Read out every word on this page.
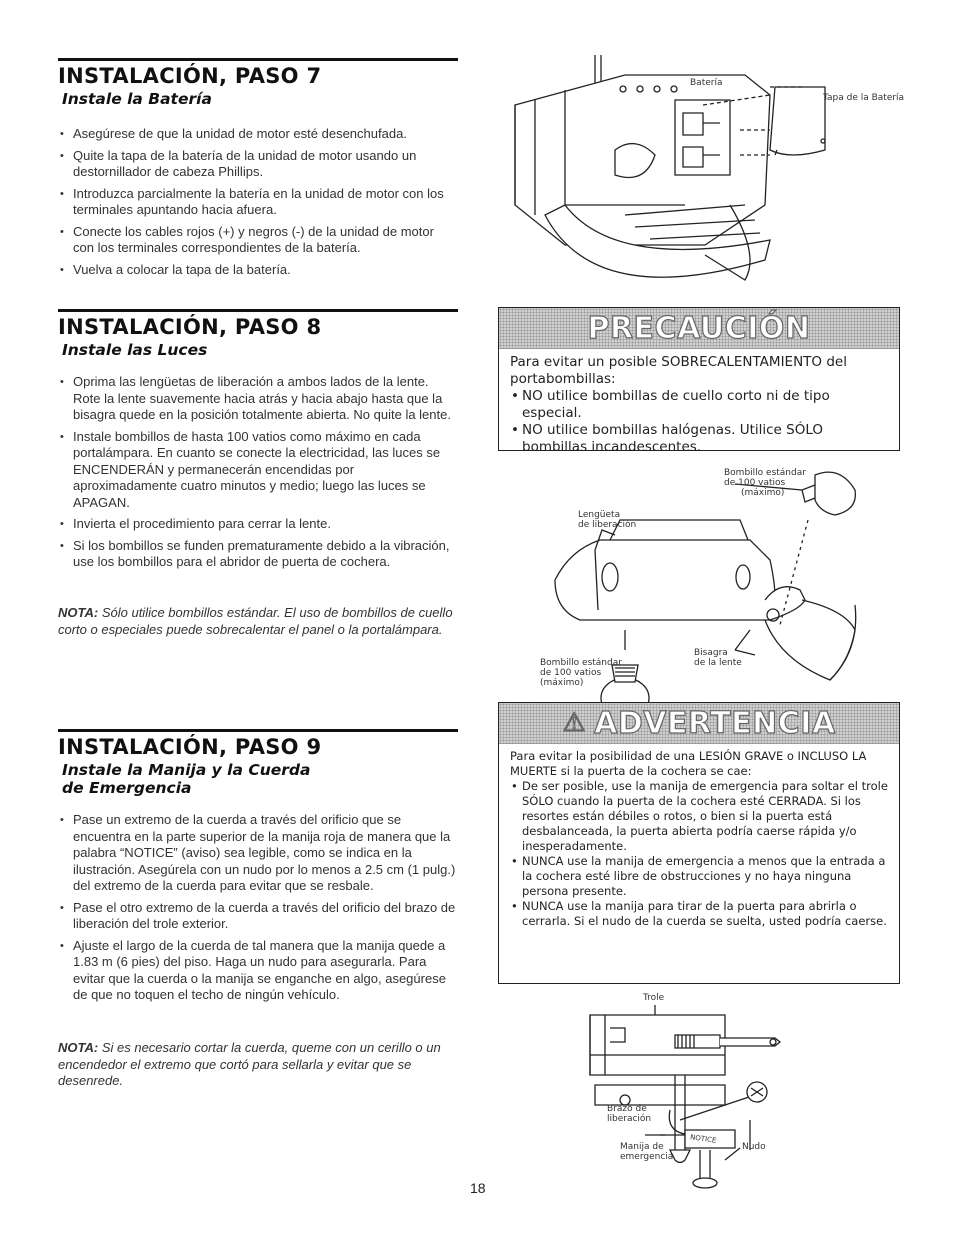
INSTALACIÓN, PASO 7
Instale la Batería
• Asegúrese de que la unidad de motor esté desenchufada.
• Quite la tapa de la batería de la unidad de motor usando un destornillador de cabeza Phillips.
• Introduzca parcialmente la batería en la unidad de motor con los terminales apuntando hacia afuera.
• Conecte los cables rojos (+) y negros (-) de la unidad de motor con los terminales correspondientes de la batería.
• Vuelva a colocar la tapa de la batería.
Batería
Tapa de la Batería
INSTALACIÓN, PASO 8
Instale las Luces
• Oprima las lengüetas de liberación a ambos lados de la lente. Rote la lente suavemente hacia atrás y hacia abajo hasta que la bisagra quede en la posición totalmente abierta. No quite la lente.
• Instale bombillos de hasta 100 vatios como máximo en cada portalámpara. En cuanto se conecte la electricidad, las luces se ENCENDERÁN y permanecerán encendidas por aproximadamente cuatro minutos y medio; luego las luces se APAGAN.
• Invierta el procedimiento para cerrar la lente.
• Si los bombillos se funden prematuramente debido a la vibración, use los bombillos para el abridor de puerta de cochera.

NOTA: Sólo utilice bombillos estándar. El uso de bombillos de cuello corto o especiales puede sobrecalentar el panel o la portalámpara.

PRECAUCIÓN

Para evitar un posible SOBRECALENTAMIENTO del portabombillas:

• NO utilice bombillas de cuello corto ni de tipo especial.
• NO utilice bombillas halógenas. Utilice SÓLO bombillas incandescentes.
Bombillo estándar
de 100 vatios
(máximo)
Lengüeta
de liberación
Bombillo estándar
de 100 vatios
(máximo)
Bisagra
de la lente
INSTALACIÓN, PASO 9
Instale la Manija y la Cuerda
de Emergencia
• Pase un extremo de la cuerda a través del orificio que se encuentra en la parte superior de la manija roja de manera que la palabra “NOTICE” (aviso) sea legible, como se indica en la ilustración. Asegúrela con un nudo por lo menos a 2.5 cm (1 pulg.) del extremo de la cuerda para evitar que se resbale.
• Pase el otro extremo de la cuerda a través del orificio del brazo de liberación del trole exterior.
• Ajuste el largo de la cuerda de tal manera que la manija quede a 1.83 m (6 pies) del piso. Haga un nudo para asegurarla. Para evitar que la cuerda o la manija se enganche en algo, asegúrese de que no toquen el techo de ningún vehículo.

NOTA: Si es necesario cortar la cuerda, queme con un cerillo o un encendedor el extremo que cortó para sellarla y evitar que se desenrede.

⚠ ADVERTENCIA

Para evitar la posibilidad de una LESIÓN GRAVE o INCLUSO LA MUERTE si la puerta de la cochera se cae:

• De ser posible, use la manija de emergencia para soltar el trole SÓLO cuando la puerta de la cochera esté CERRADA. Si los resortes están débiles o rotos, o bien si la puerta está desbalanceada, la puerta abierta podría caerse rápida y/o inesperadamente.
• NUNCA use la manija de emergencia a menos que la entrada a la cochera esté libre de obstrucciones y no haya ninguna persona presente.
• NUNCA use la manija para tirar de la puerta para abrirla o cerrarla. Si el nudo de la cuerda se suelta, usted podría caerse.
NOTICE
Trole
Brazo de
liberación
Manija de
emergencia
Nudo
18
